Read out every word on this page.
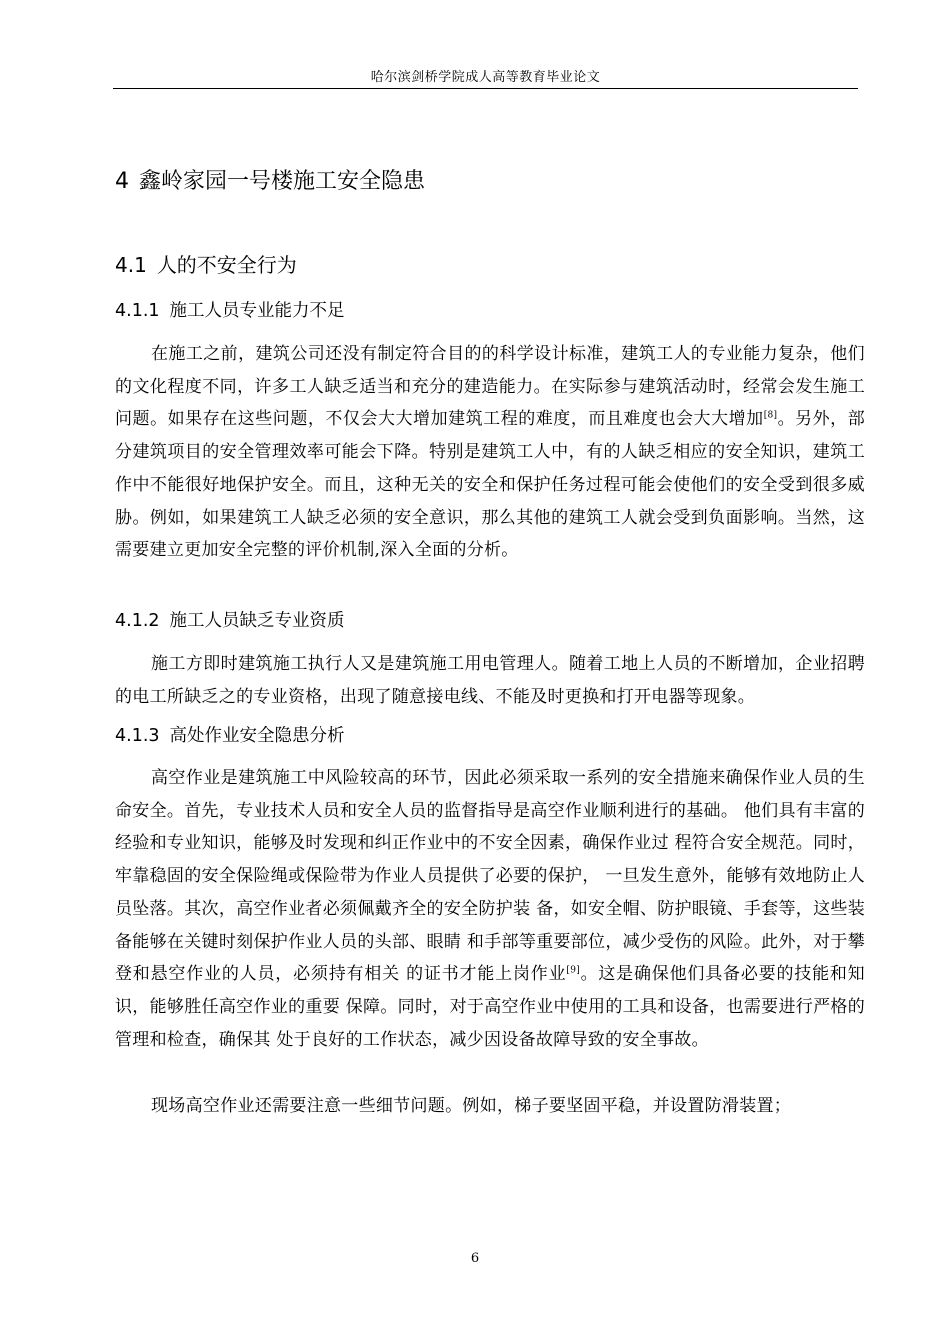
哈尔滨剑桥学院成人高等教育毕业论文
4 鑫岭家园一号楼施工安全隐患
4.1 人的不安全行为
4.1.1 施工人员专业能力不足
在施工之前，建筑公司还没有制定符合目的的科学设计标准，建筑工人的专业能力复杂，他们的文化程度不同，许多工人缺乏适当和充分的建造能力。在实际参与建筑活动时，经常会发生施工问题。如果存在这些问题，不仅会大大增加建筑工程的难度，而且难度也会大大增加[8]。另外，部分建筑项目的安全管理效率可能会下降。特别是建筑工人中，有的人缺乏相应的安全知识，建筑工作中不能很好地保护安全。而且，这种无关的安全和保护任务过程可能会使他们的安全受到很多威胁。例如，如果建筑工人缺乏必须的安全意识，那么其他的建筑工人就会受到负面影响。当然，这需要建立更加安全完整的评价机制,深入全面的分析。
4.1.2 施工人员缺乏专业资质
施工方即时建筑施工执行人又是建筑施工用电管理人。随着工地上人员的不断增加，企业招聘的电工所缺乏之的专业资格，出现了随意接电线、不能及时更换和打开电器等现象。
4.1.3 高处作业安全隐患分析
高空作业是建筑施工中风险较高的环节，因此必须采取一系列的安全措施来确保作业人员的生命安全。首先，专业技术人员和安全人员的监督指导是高空作业顺利进行的基础。 他们具有丰富的经验和专业知识，能够及时发现和纠正作业中的不安全因素，确保作业过 程符合安全规范。同时，牢靠稳固的安全保险绳或保险带为作业人员提供了必要的保护， 一旦发生意外，能够有效地防止人员坠落。其次，高空作业者必须佩戴齐全的安全防护装 备，如安全帽、防护眼镜、手套等，这些装备能够在关键时刻保护作业人员的头部、眼睛 和手部等重要部位，减少受伤的风险。此外，对于攀登和悬空作业的人员，必须持有相关 的证书才能上岗作业[9]。这是确保他们具备必要的技能和知识，能够胜任高空作业的重要 保障。同时，对于高空作业中使用的工具和设备，也需要进行严格的管理和检查，确保其 处于良好的工作状态，减少因设备故障导致的安全事故。
现场高空作业还需要注意一些细节问题。例如，梯子要坚固平稳，并设置防滑装置；
6
